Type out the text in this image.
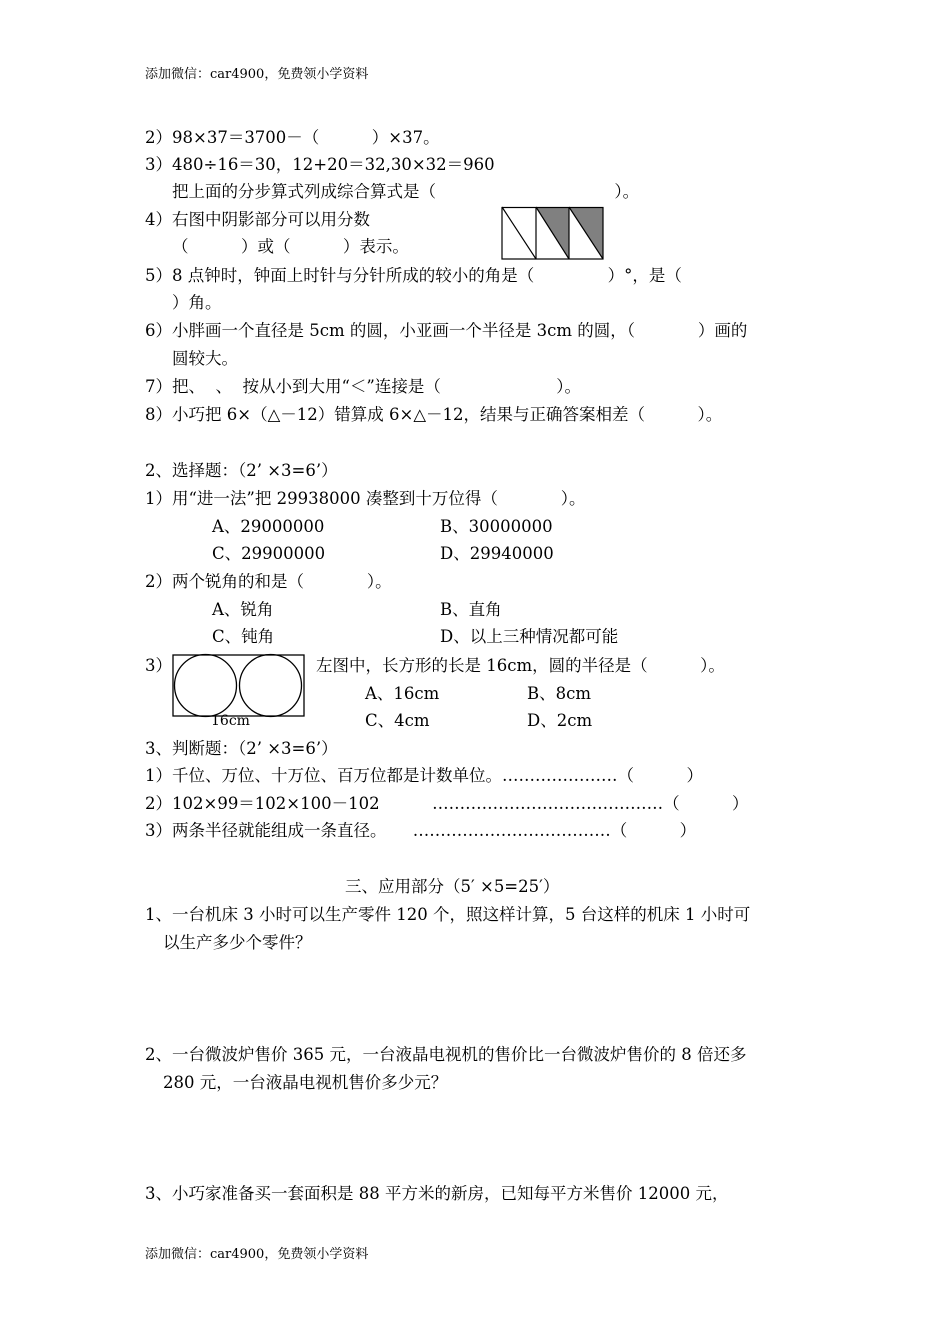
添加微信：car4900，免费领小学资料
2）98×37＝3700－（          ）×37。
3）480÷16＝30，12+20＝32,30×32＝960
把上面的分步算式列成综合算式是（                                  ）。
4）右图中阴影部分可以用分数
（          ）或（          ）表示。
5）8 点钟时，钟面上时针与分针所成的较小的角是（              ）°，是（
）角。
6）小胖画一个直径是 5cm 的圆，小亚画一个半径是 3cm 的圆，（            ）画的
圆较大。
7）把、  、  按从小到大用“＜”连接是（                      ）。
8）小巧把 6×（△－12）错算成 6×△－12，结果与正确答案相差（          ）。
2、选择题：（2’ ×3=6’）
1）用“进一法”把 29938000 凑整到十万位得（            ）。
A、29000000	B、30000000
C、29900000	D、29940000
2）两个锐角的和是（            ）。
A、锐角	B、直角
C、钝角	D、以上三种情况都可能
3）
16cm
左图中，长方形的长是 16cm，圆的半径是（          ）。
A、16cm	B、8cm
C、4cm	D、2cm
3、判断题：（2’ ×3=6’）
1）千位、万位、十万位、百万位都是计数单位。…………………（          ）
2）102×99＝102×100－102          ……………………………………（          ）
3）两条半径就能组成一条直径。     ………………………………（          ）
三、应用部分（5′ ×5=25′）
1、一台机床 3 小时可以生产零件 120 个，照这样计算，5 台这样的机床 1 小时可
以生产多少个零件？
2、一台微波炉售价 365 元，一台液晶电视机的售价比一台微波炉售价的 8 倍还多
280 元，一台液晶电视机售价多少元？
3、小巧家准备买一套面积是 88 平方米的新房，已知每平方米售价 12000 元，
添加微信：car4900，免费领小学资料
